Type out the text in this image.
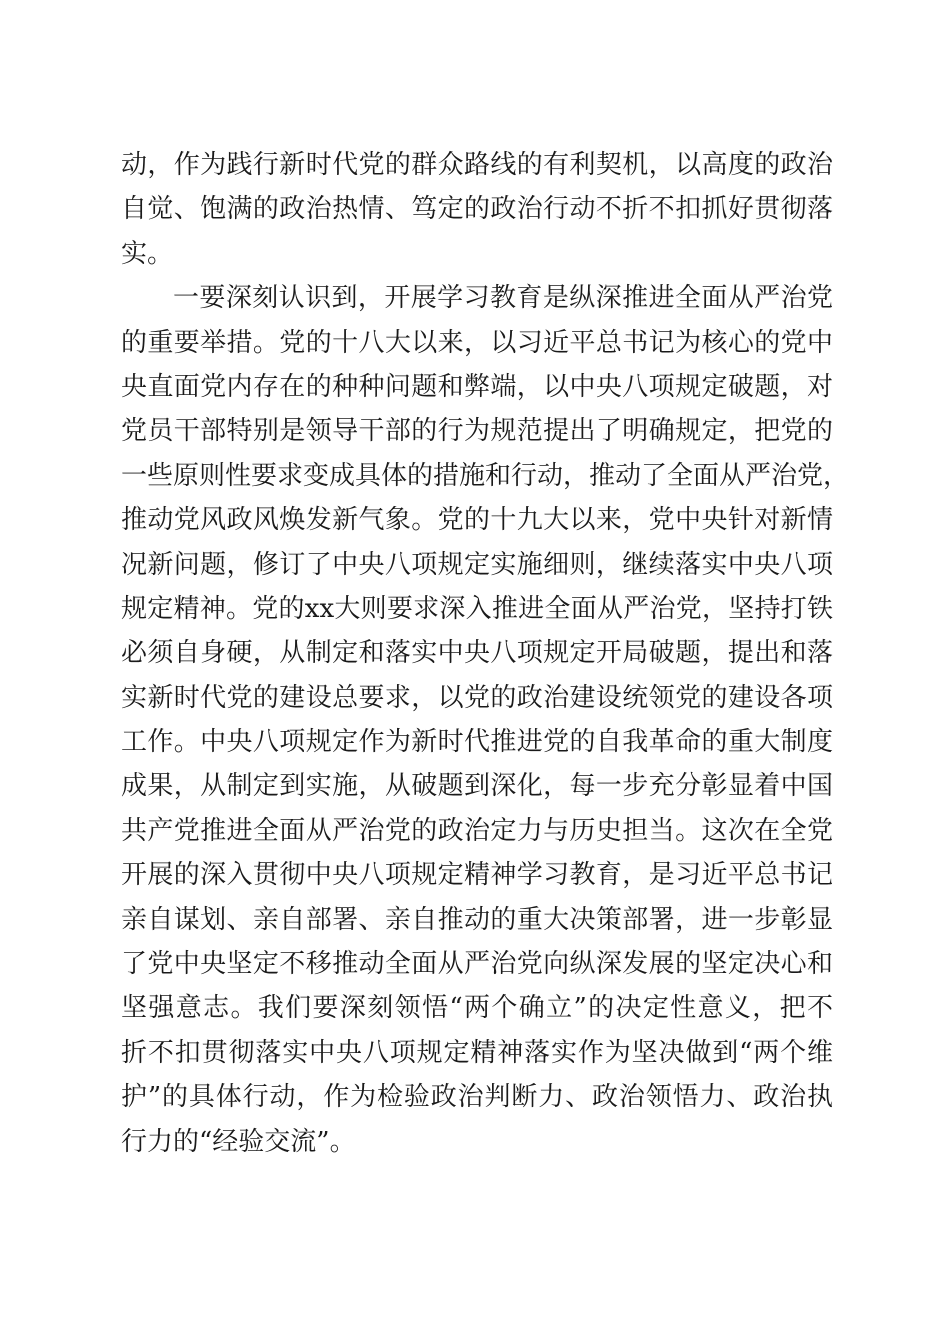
动，作为践行新时代党的群众路线的有利契机，以高度的政治
自觉、饱满的政治热情、笃定的政治行动不折不扣抓好贯彻落
实。
一要深刻认识到，开展学习教育是纵深推进全面从严治党
的重要举措。党的十八大以来，以习近平总书记为核心的党中
央直面党内存在的种种问题和弊端，以中央八项规定破题，对
党员干部特别是领导干部的行为规范提出了明确规定，把党的
一些原则性要求变成具体的措施和行动，推动了全面从严治党，
推动党风政风焕发新气象。党的十九大以来，党中央针对新情
况新问题，修订了中央八项规定实施细则，继续落实中央八项
规定精神。党的xx大则要求深入推进全面从严治党，坚持打铁
必须自身硬，从制定和落实中央八项规定开局破题，提出和落
实新时代党的建设总要求，以党的政治建设统领党的建设各项
工作。中央八项规定作为新时代推进党的自我革命的重大制度
成果，从制定到实施，从破题到深化，每一步充分彰显着中国
共产党推进全面从严治党的政治定力与历史担当。这次在全党
开展的深入贯彻中央八项规定精神学习教育，是习近平总书记
亲自谋划、亲自部署、亲自推动的重大决策部署，进一步彰显
了党中央坚定不移推动全面从严治党向纵深发展的坚定决心和
坚强意志。我们要深刻领悟“两个确立”的决定性意义，把不
折不扣贯彻落实中央八项规定精神落实作为坚决做到“两个维
护”的具体行动，作为检验政治判断力、政治领悟力、政治执
行力的“经验交流”。
